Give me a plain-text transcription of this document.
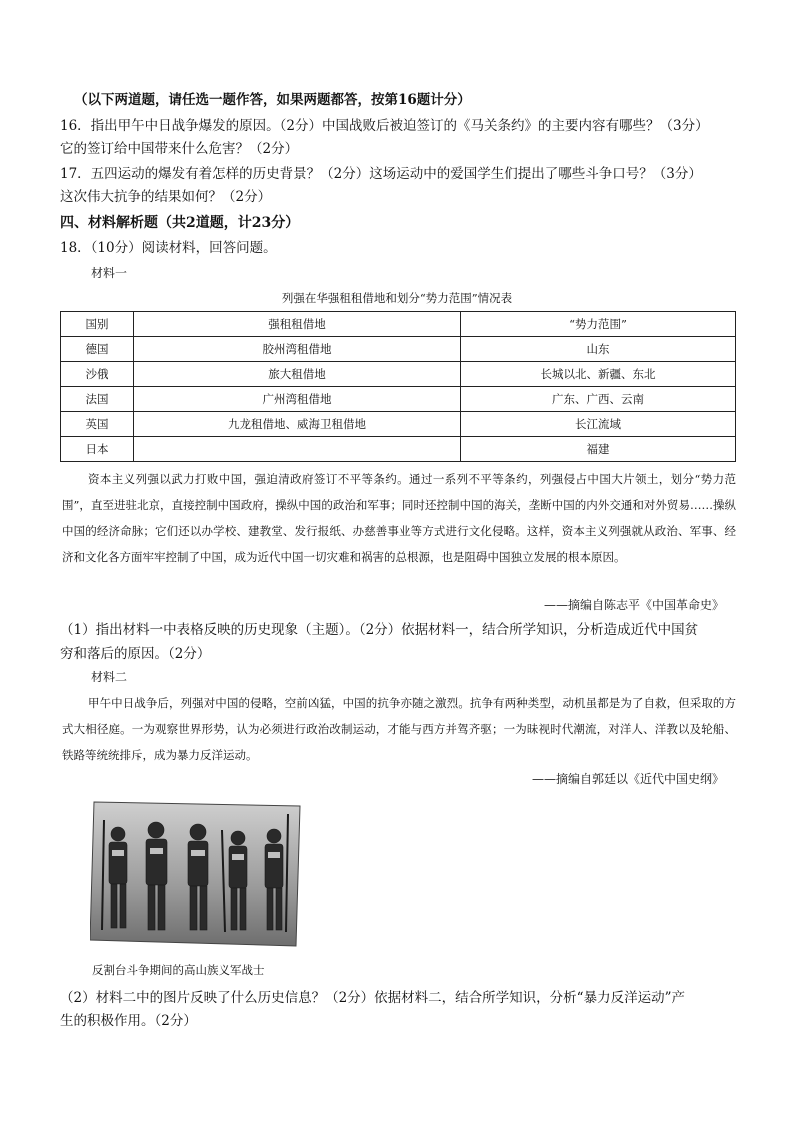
（以下两道题，请任选一题作答，如果两题都答，按第16题计分）
16．指出甲午中日战争爆发的原因。（2分）中国战败后被迫签订的《马关条约》的主要内容有哪些？（3分）
它的签订给中国带来什么危害？（2分）
17．五四运动的爆发有着怎样的历史背景？（2分）这场运动中的爱国学生们提出了哪些斗争口号？（3分）
这次伟大抗争的结果如何？（2分）
四、材料解析题（共2道题，计23分）
18．（10分）阅读材料，回答问题。
材料一
列强在华强租租借地和划分“势力范围”情况表
国别	强租租借地	“势力范围”
德国	胶州湾租借地	山东
沙俄	旅大租借地	长城以北、新疆、东北
法国	广州湾租借地	广东、广西、云南
英国	九龙租借地、威海卫租借地	长江流域
日本		福建
资本主义列强以武力打败中国，强迫清政府签订不平等条约。通过一系列不平等条约，列强侵占中国大片领土，划分“势力范围”，直至进驻北京，直接控制中国政府，操纵中国的政治和军事；同时还控制中国的海关，垄断中国的内外交通和对外贸易……操纵中国的经济命脉；它们还以办学校、建教堂、发行报纸、办慈善事业等方式进行文化侵略。这样，资本主义列强就从政治、军事、经济和文化各方面牢牢控制了中国，成为近代中国一切灾难和祸害的总根源，也是阻碍中国独立发展的根本原因。
——摘编自陈志平《中国革命史》
（1）指出材料一中表格反映的历史现象（主题）。（2分）依据材料一，结合所学知识，分析造成近代中国贫
穷和落后的原因。（2分）
材料二
甲午中日战争后，列强对中国的侵略，空前凶猛，中国的抗争亦随之激烈。抗争有两种类型，动机虽都是为了自救，但采取的方式大相径庭。一为观察世界形势，认为必须进行政治改制运动，才能与西方并驾齐驱；一为昧视时代潮流，对洋人、洋教以及轮船、铁路等统统排斥，成为暴力反洋运动。
——摘编自郭廷以《近代中国史纲》
反割台斗争期间的高山族义军战士
（2）材料二中的图片反映了什么历史信息？（2分）依据材料二，结合所学知识，分析“暴力反洋运动”产
生的积极作用。（2分）
